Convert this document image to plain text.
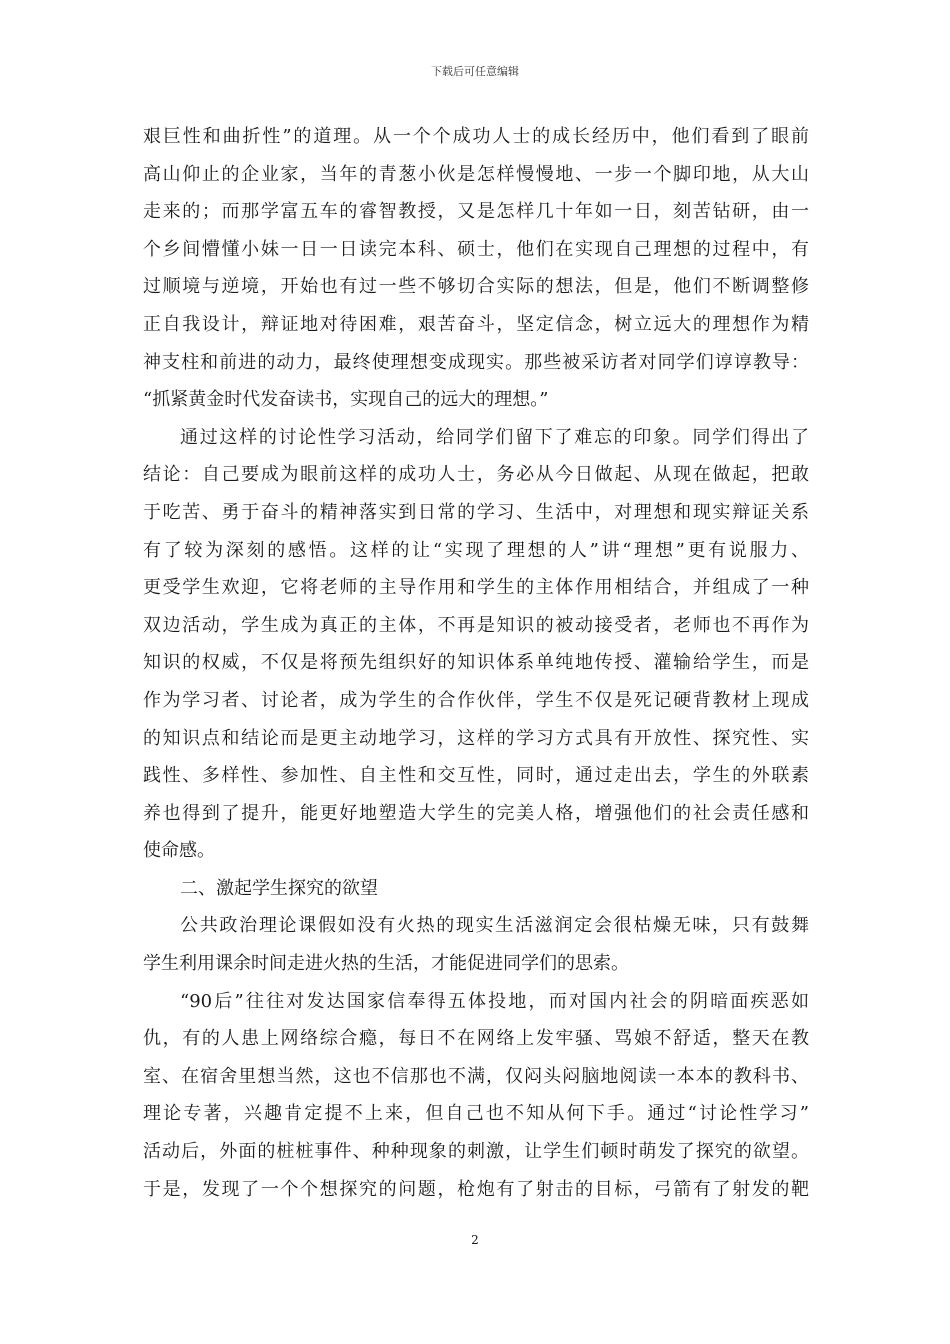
下载后可任意编辑
艰巨性和曲折性”的道理。从一个个成功人士的成长经历中，他们看到了眼前
高山仰止的企业家，当年的青葱小伙是怎样慢慢地、一步一个脚印地，从大山
走来的；而那学富五车的睿智教授，又是怎样几十年如一日，刻苦钻研，由一
个乡间懵懂小妹一日一日读完本科、硕士，他们在实现自己理想的过程中，有
过顺境与逆境，开始也有过一些不够切合实际的想法，但是，他们不断调整修
正自我设计，辩证地对待困难，艰苦奋斗，坚定信念，树立远大的理想作为精
神支柱和前进的动力，最终使理想变成现实。那些被采访者对同学们谆谆教导：
“抓紧黄金时代发奋读书，实现自己的远大的理想。”
通过这样的讨论性学习活动，给同学们留下了难忘的印象。同学们得出了
结论：自己要成为眼前这样的成功人士，务必从今日做起、从现在做起，把敢
于吃苦、勇于奋斗的精神落实到日常的学习、生活中，对理想和现实辩证关系
有了较为深刻的感悟。这样的让“实现了理想的人”讲“理想”更有说服力、
更受学生欢迎，它将老师的主导作用和学生的主体作用相结合，并组成了一种
双边活动，学生成为真正的主体，不再是知识的被动接受者，老师也不再作为
知识的权威，不仅是将预先组织好的知识体系单纯地传授、灌输给学生，而是
作为学习者、讨论者，成为学生的合作伙伴，学生不仅是死记硬背教材上现成
的知识点和结论而是更主动地学习，这样的学习方式具有开放性、探究性、实
践性、多样性、参加性、自主性和交互性，同时，通过走出去，学生的外联素
养也得到了提升，能更好地塑造大学生的完美人格，增强他们的社会责任感和
使命感。
二、激起学生探究的欲望
公共政治理论课假如没有火热的现实生活滋润定会很枯燥无味，只有鼓舞
学生利用课余时间走进火热的生活，才能促进同学们的思索。
“90后”往往对发达国家信奉得五体投地，而对国内社会的阴暗面疾恶如
仇，有的人患上网络综合瘾，每日不在网络上发牢骚、骂娘不舒适，整天在教
室、在宿舍里想当然，这也不信那也不满，仅闷头闷脑地阅读一本本的教科书、
理论专著，兴趣肯定提不上来，但自己也不知从何下手。通过“讨论性学习”
活动后，外面的桩桩事件、种种现象的刺激，让学生们顿时萌发了探究的欲望。
于是，发现了一个个想探究的问题，枪炮有了射击的目标，弓箭有了射发的靶
2
